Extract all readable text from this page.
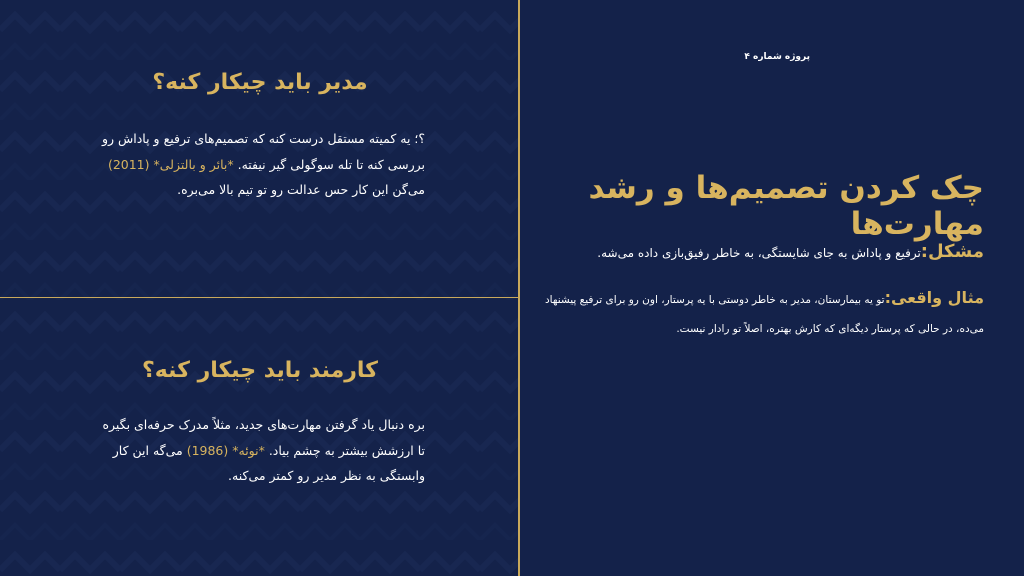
پروژه شماره ۴
چک کردن تصمیم‌ها و رشد مهارت‌ها
مشکل:ترفیع و پاداش به جای شایستگی، به خاطر رفیق‌بازی داده می‌شه.
مثال واقعی:تو یه بیمارستان، مدیر به خاطر دوستی با یه پرستار، اون رو برای ترفیع پیشنهاد می‌ده، در حالی که پرستار دیگه‌ای که کارش بهتره، اصلاً تو رادار نیست.
مدیر باید چیکار کنه؟
؟؛ یه کمیته مستقل درست کنه که تصمیم‌های ترفیع و پاداش رو بررسی کنه تا تله سوگولی گیر نیفته. *بائر و بالتزلی* (2011) می‌گن این کار حس عدالت رو تو تیم بالا می‌بره.
کارمند باید چیکار کنه؟
بره دنبال یاد گرفتن مهارت‌های جدید، مثلاً مدرک حرفه‌ای بگیره تا ارزشش بیشتر به چشم بیاد. *نوئه* (1986) می‌گه این کار وابستگی به نظر مدیر رو کمتر می‌کنه.
